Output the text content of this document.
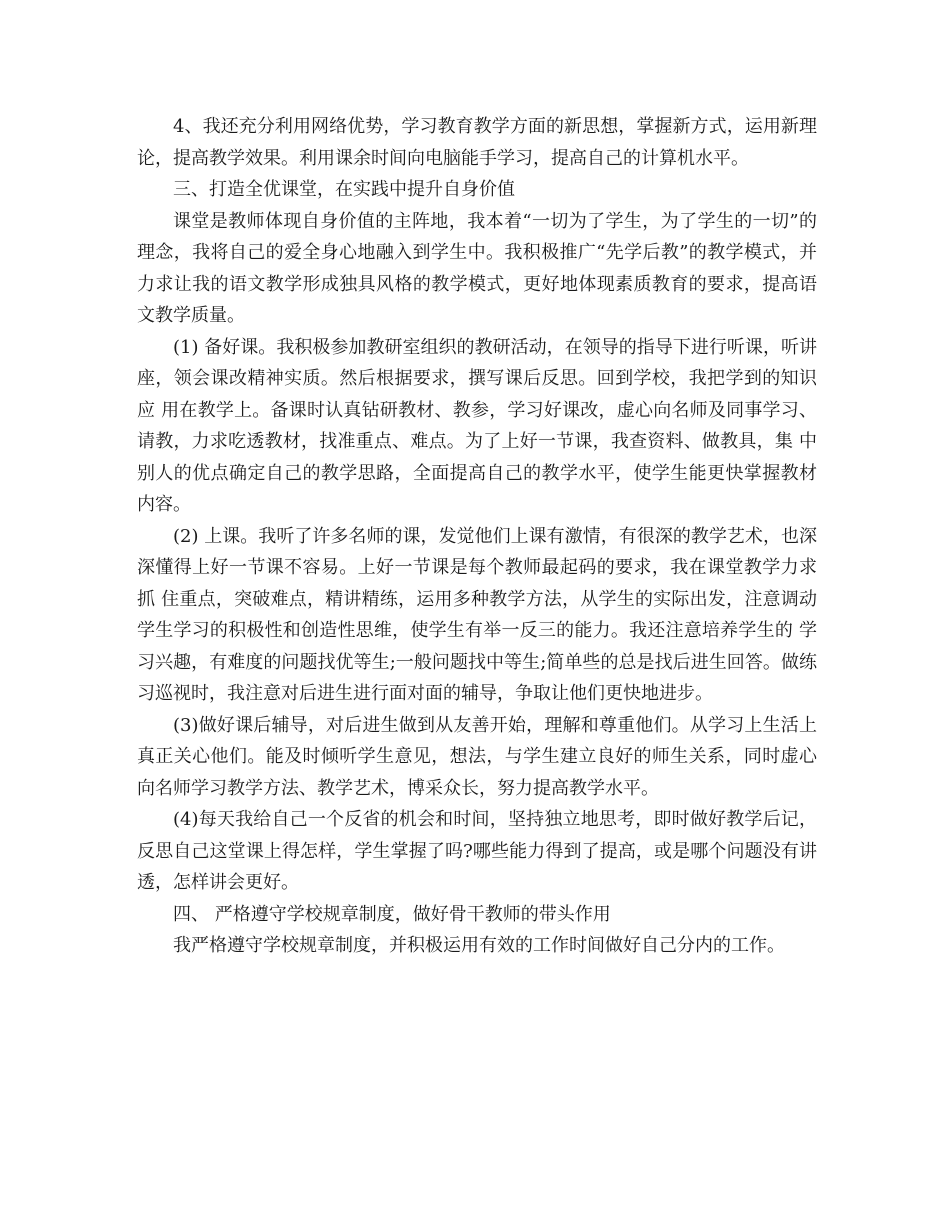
4、我还充分利用网络优势，学习教育教学方面的新思想，掌握新方式，运用新理论，提高教学效果。利用课余时间向电脑能手学习，提高自己的计算机水平。

三、打造全优课堂，在实践中提升自身价值

课堂是教师体现自身价值的主阵地，我本着“一切为了学生，为了学生的一切”的理念，我将自己的爱全身心地融入到学生中。我积极推广“先学后教”的教学模式，并力求让我的语文教学形成独具风格的教学模式，更好地体现素质教育的要求，提高语文教学质量。

(1) 备好课。我积极参加教研室组织的教研活动，在领导的指导下进行听课，听讲座，领会课改精神实质。然后根据要求，撰写课后反思。回到学校，我把学到的知识应 用在教学上。备课时认真钻研教材、教参，学习好课改，虚心向名师及同事学习、请教，力求吃透教材，找准重点、难点。为了上好一节课，我查资料、做教具，集 中别人的优点确定自己的教学思路，全面提高自己的教学水平，使学生能更快掌握教材内容。

(2) 上课。我听了许多名师的课，发觉他们上课有激情，有很深的教学艺术，也深深懂得上好一节课不容易。上好一节课是每个教师最起码的要求，我在课堂教学力求抓 住重点，突破难点，精讲精练，运用多种教学方法，从学生的实际出发，注意调动学生学习的积极性和创造性思维，使学生有举一反三的能力。我还注意培养学生的 学习兴趣，有难度的问题找优等生;一般问题找中等生;简单些的总是找后进生回答。做练习巡视时，我注意对后进生进行面对面的辅导，争取让他们更快地进步。

(3)做好课后辅导，对后进生做到从友善开始，理解和尊重他们。从学习上生活上真正关心他们。能及时倾听学生意见，想法，与学生建立良好的师生关系，同时虚心向名师学习教学方法、教学艺术，博采众长，努力提高教学水平。

(4)每天我给自己一个反省的机会和时间，坚持独立地思考，即时做好教学后记，反思自己这堂课上得怎样，学生掌握了吗?哪些能力得到了提高，或是哪个问题没有讲透，怎样讲会更好。

四、 严格遵守学校规章制度，做好骨干教师的带头作用

我严格遵守学校规章制度，并积极运用有效的工作时间做好自己分内的工作。
